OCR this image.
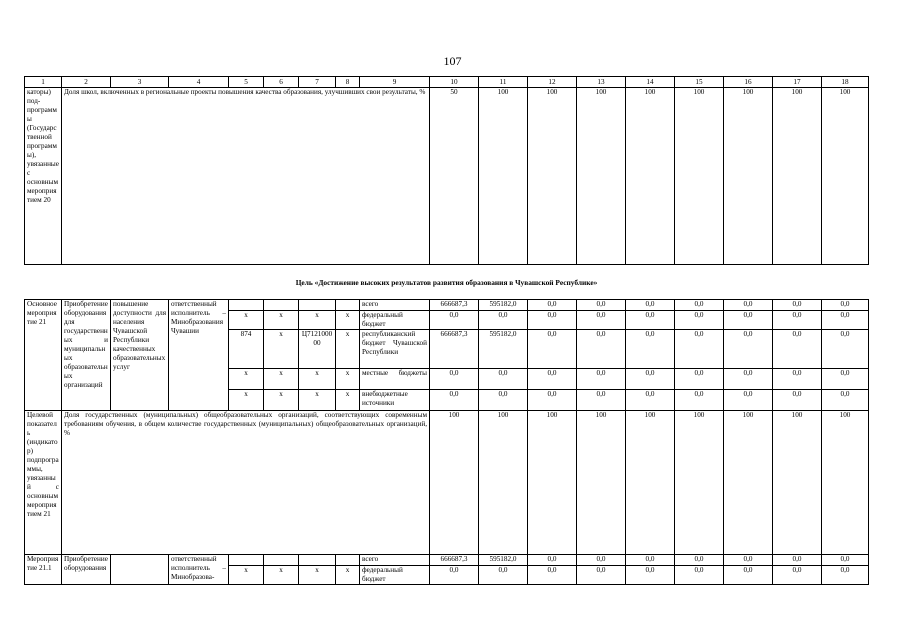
107
1	2	3	4	5	6	7	8	9	10	11	12	13	14	15	16	17	18
каторы) под-программы (Государственной программы), увязанные с основным мероприятием 20	Доля школ, включенных в региональные проекты повышения качества образования, улучшивших свои результаты, %								50	100	100	100	100	100	100	100	100
Цель «Достижение высоких результатов развития образования в Чувашской Республике»																	
Основное мероприятие 21	Приобретение оборудования для государственных и муниципальных образовательных организаций	повышение доступности для населения Чувашской Республики качественных образовательных услуг	ответственный исполнитель – Минобразования Чувашии					всего	666687,3	595182,0	0,0	0,0	0,0	0,0	0,0	0,0	0,0
				x	x	x	x	федеральный бюджет	0,0	0,0	0,0	0,0	0,0	0,0	0,0	0,0	0,0
				874	x	Ц712100000	x	республиканский бюджет Чувашской Республики	666687,3	595182,0	0,0	0,0	0,0	0,0	0,0	0,0	0,0
				x	x	x	x	местные бюджеты	0,0	0,0	0,0	0,0	0,0	0,0	0,0	0,0	0,0
				x	x	x	x	внебюджетные источники	0,0	0,0	0,0	0,0	0,0	0,0	0,0	0,0	0,0
Целевой показатель (индикатор) подпрограммы, увязанный с основным мероприятием 21	Доля государственных (муниципальных) общеобразовательных организаций, соответствующих современным требованиям обучения, в общем количестве государственных (муниципальных) общеобразовательных организаций, %								100	100	100	100	100	100	100	100	100
Мероприятие 21.1	Приобретение оборудования		ответственный исполнитель – Минобразова-					всего	666687,3	595182,0	0,0	0,0	0,0	0,0	0,0	0,0	0,0
				x	x	x	x	федеральный бюджет	0,0	0,0	0,0	0,0	0,0	0,0	0,0	0,0	0,0
